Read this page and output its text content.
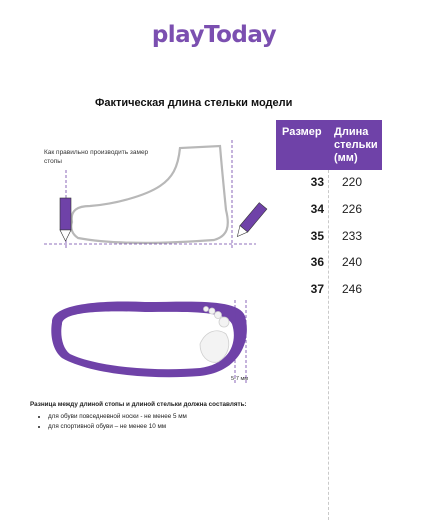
playToday
Фактическая длина стельки модели
Размер Длина стельки (мм)
33 220
34 226
35 233
36 240
37 246
Как правильно производить замер стопы
5-7 мм
Разница между длиной стопы и длиной стельки должна составлять:
• для обуви повседневной носки - не менее 5 мм
• для спортивной обуви – не менее 10 мм
